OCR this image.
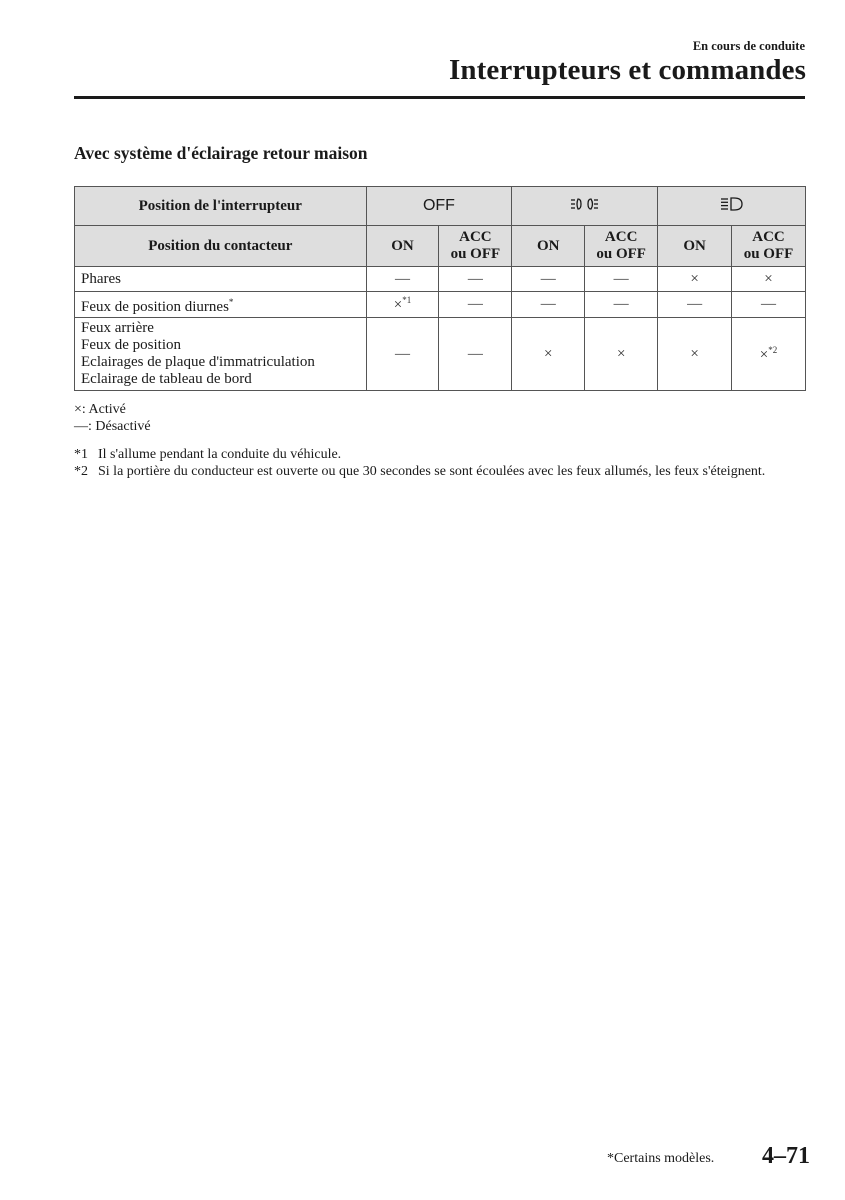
En cours de conduite
Interrupteurs et commandes
Avec système d'éclairage retour maison
Position de l'interrupteur	OFF		
Position du contacteur	ON	ACC ou OFF	ON	ACC ou OFF	ON	ACC ou OFF

Phares	—	—	—	—	×	×
Feux de position diurnes*	×$^{*1}$	—	—	—	—	—

Feux arrière
Feux de position
Eclairages de plaque d'immatriculation
Eclairage de tableau de bord	—	—	×	×	×	×$^{*2}$
×: Activé
—: Désactivé
*1 Il s'allume pendant la conduite du véhicule.
*2 Si la portière du conducteur est ouverte ou que 30 secondes se sont écoulées avec les feux allumés, les feux s'éteignent.
*Certains modèles. 4–71
